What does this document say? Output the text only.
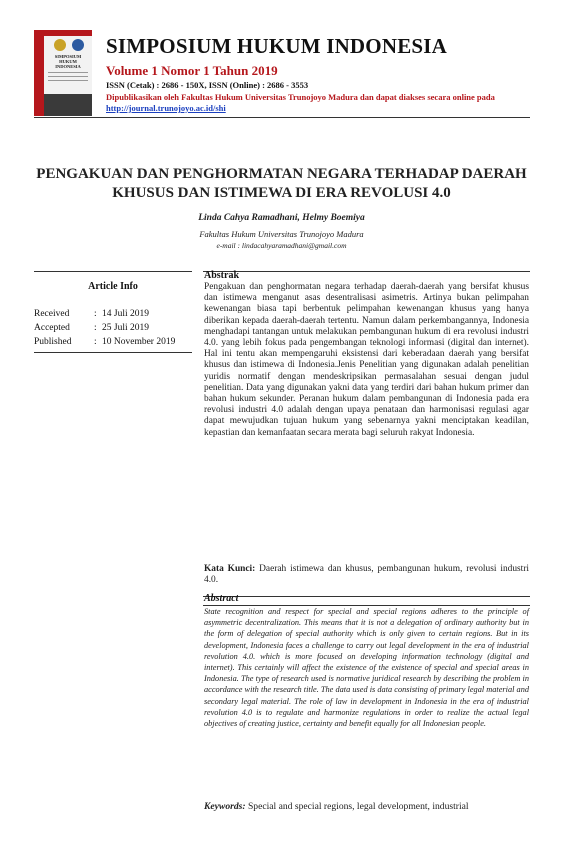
SIMPOSIUM HUKUM INDONESIA
SIMPOSIUM HUKUM INDONESIA
Volume 1 Nomor 1 Tahun 2019
ISSN (Cetak) : 2686 - 150X, ISSN (Online) : 2686 - 3553
Dipublikasikan oleh Fakultas Hukum Universitas Trunojoyo Madura dan dapat diakses secara online pada http://journal.trunojoyo.ac.id/shi
PENGAKUAN DAN PENGHORMATAN NEGARA TERHADAP DAERAH KHUSUS DAN ISTIMEWA DI ERA REVOLUSI 4.0
Linda Cahya Ramadhani, Helmy Boemiya
Fakultas Hukum Universitas Trunojoyo Madura
e-mail : lindacahyaramadhani@gmail.com
Article Info
Received	: 14 Juli 2019
Accepted	: 25 Juli 2019
Published : 10 November 2019
Abstrak
Pengakuan dan penghormatan negara terhadap daerah-daerah yang bersifat khusus dan istimewa menganut asas desentralisasi asimetris. Artinya bukan pelimpahan kewenangan biasa tapi berbentuk pelimpahan kewenangan khusus yang hanya diberikan kepada daerah-daerah tertentu. Namun dalam perkembangannya, Indonesia menghadapi tantangan untuk melakukan pembangunan hukum di era revolusi industri 4.0. yang lebih fokus pada pengembangan teknologi informasi (digital dan internet). Hal ini tentu akan mempengaruhi eksistensi dari keberadaan daerah yang bersifat khusus dan istimewa di Indonesia.Jenis Penelitian yang digunakan adalah penelitian yuridis normatif dengan mendeskripsikan permasalahan sesuai dengan judul penelitian. Data yang digunakan yakni data yang terdiri dari bahan hukum primer dan bahan hukum sekunder. Peranan hukum dalam pembangunan di Indonesia pada era revolusi industri 4.0 adalah dengan upaya penataan dan harmonisasi regulasi agar dapat mewujudkan tujuan hukum yang sebenarnya yakni menciptakan keadilan, kepastian dan kemanfaatan secara merata bagi seluruh rakyat Indonesia.
Kata Kunci: Daerah istimewa dan khusus, pembangunan hukum, revolusi industri 4.0.
Abstract
State recognition and respect for special and special regions adheres to the principle of asymmetric decentralization. This means that it is not a delegation of ordinary authority but in the form of delegation of special authority which is only given to certain regions. But in its development, Indonesia faces a challenge to carry out legal development in the era of industrial revolution 4.0. which is more focused on developing information technology (digital and internet). This certainly will affect the existence of the existence of special and special areas in Indonesia. The type of research used is normative juridical research by describing the problem in accordance with the research title. The data used is data consisting of primary legal material and secondary legal material. The role of law in development in Indonesia in the era of industrial revolution 4.0 is to regulate and harmonize regulations in order to realize the actual legal objectives of creating justice, certainty and benefit equally for all Indonesian people.
Keywords: Special and special regions, legal development, industrial
